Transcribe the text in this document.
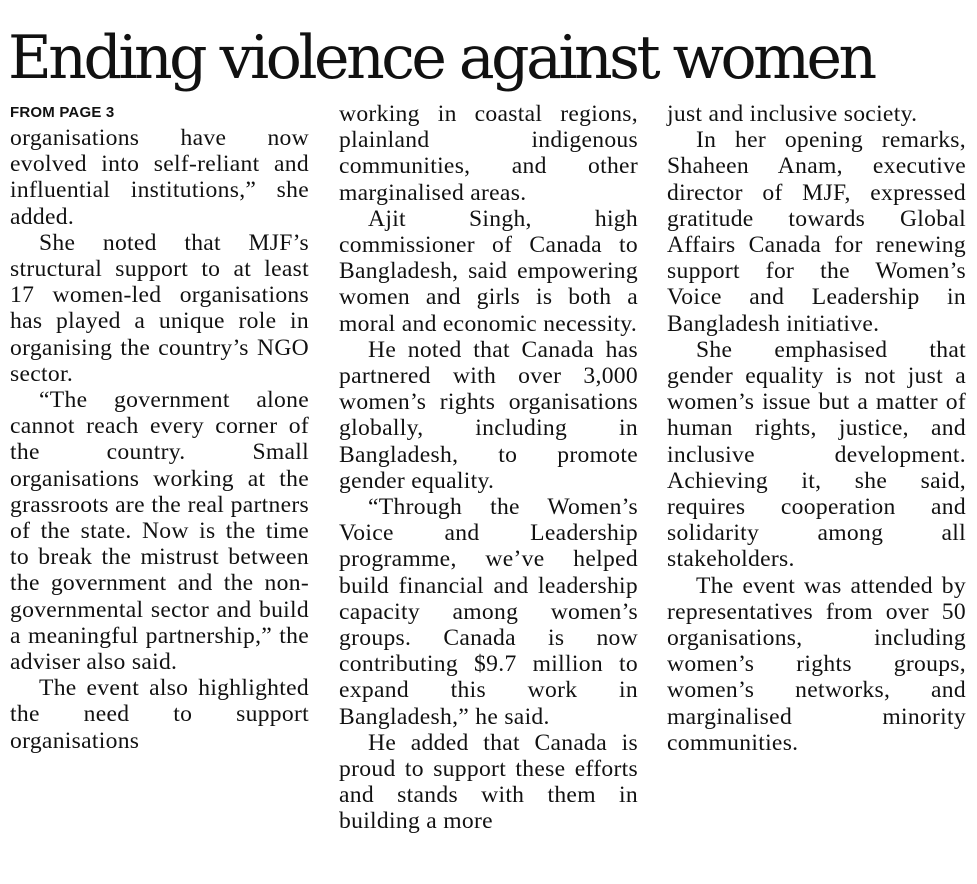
Ending violence against women
FROM PAGE 3

organisations have now evolved into self-reliant and influential institutions,” she added.

She noted that MJF’s structural support to at least 17 women-led organisations has played a unique role in organising the country’s NGO sector.

“The government alone cannot reach every corner of the country. Small organisations working at the grassroots are the real partners of the state. Now is the time to break the mistrust between the government and the non-governmental sector and build a meaningful partnership,” the adviser also said.

The event also highlighted the need to support organisations

working in coastal regions, plainland indigenous communities, and other marginalised areas.

Ajit Singh, high commissioner of Canada to Bangladesh, said empowering women and girls is both a moral and economic necessity.

He noted that Canada has partnered with over 3,000 women’s rights organisations globally, including in Bangladesh, to promote gender equality.

“Through the Women’s Voice and Leadership programme, we’ve helped build financial and leadership capacity among women’s groups. Canada is now contributing $9.7 million to expand this work in Bangladesh,” he said.

He added that Canada is proud to support these efforts and stands with them in building a more

just and inclusive society.

In her opening remarks, Shaheen Anam, executive director of MJF, expressed gratitude towards Global Affairs Canada for renewing support for the Women’s Voice and Leadership in Bangladesh initiative.

She emphasised that gender equality is not just a women’s issue but a matter of human rights, justice, and inclusive development. Achieving it, she said, requires cooperation and solidarity among all stakeholders.

The event was attended by representatives from over 50 organisations, including women’s rights groups, women’s networks, and marginalised minority communities.
